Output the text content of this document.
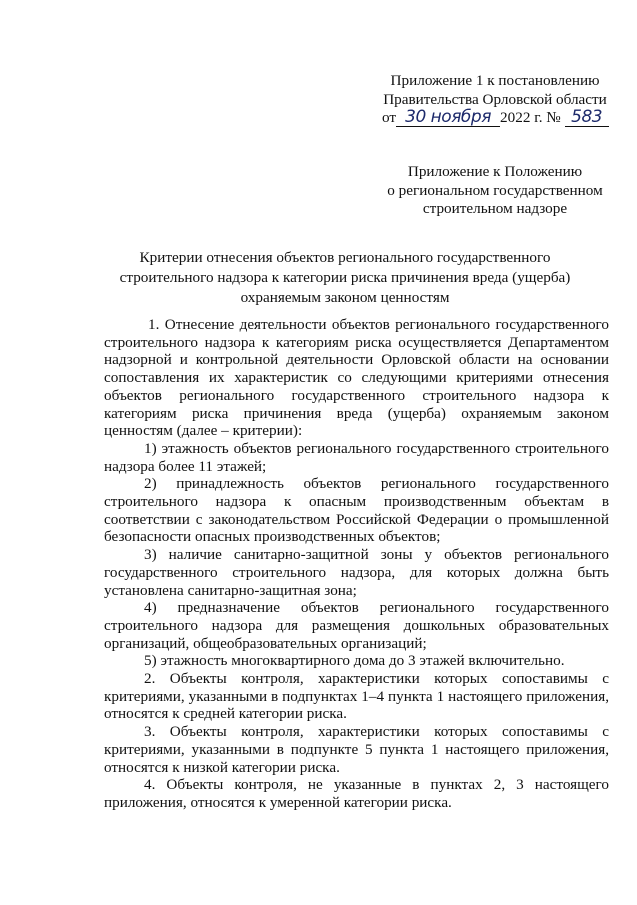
Приложение 1 к постановлению
Правительства Орловской области
от 30 ноября 2022 г. № 583
Приложение к Положению
о региональном государственном
строительном надзоре
Критерии отнесения объектов регионального государственного
строительного надзора к категории риска причинения вреда (ущерба)
охраняемым законом ценностям

1. Отнесение деятельности объектов регионального государственного строительного надзора к категориям риска осуществляется Департаментом надзорной и контрольной деятельности Орловской области на основании сопоставления их характеристик со следующими критериями отнесения объектов регионального государственного строительного надзора к категориям риска причинения вреда (ущерба) охраняемым законом ценностям (далее – критерии):

1) этажность объектов регионального государственного строительного надзора более 11 этажей;

2) принадлежность объектов регионального государственного строительного надзора к опасным производственным объектам в соответствии с законодательством Российской Федерации о промышленной безопасности опасных производственных объектов;

3) наличие санитарно-защитной зоны у объектов регионального государственного строительного надзора, для которых должна быть установлена санитарно-защитная зона;

4) предназначение объектов регионального государственного строительного надзора для размещения дошкольных образовательных организаций, общеобразовательных организаций;

5) этажность многоквартирного дома до 3 этажей включительно.

2. Объекты контроля, характеристики которых сопоставимы с критериями, указанными в подпунктах 1–4 пункта 1 настоящего приложения, относятся к средней категории риска.

3. Объекты контроля, характеристики которых сопоставимы с критериями, указанными в подпункте 5 пункта 1 настоящего приложения, относятся к низкой категории риска.

4. Объекты контроля, не указанные в пунктах 2, 3 настоящего приложения, относятся к умеренной категории риска.
